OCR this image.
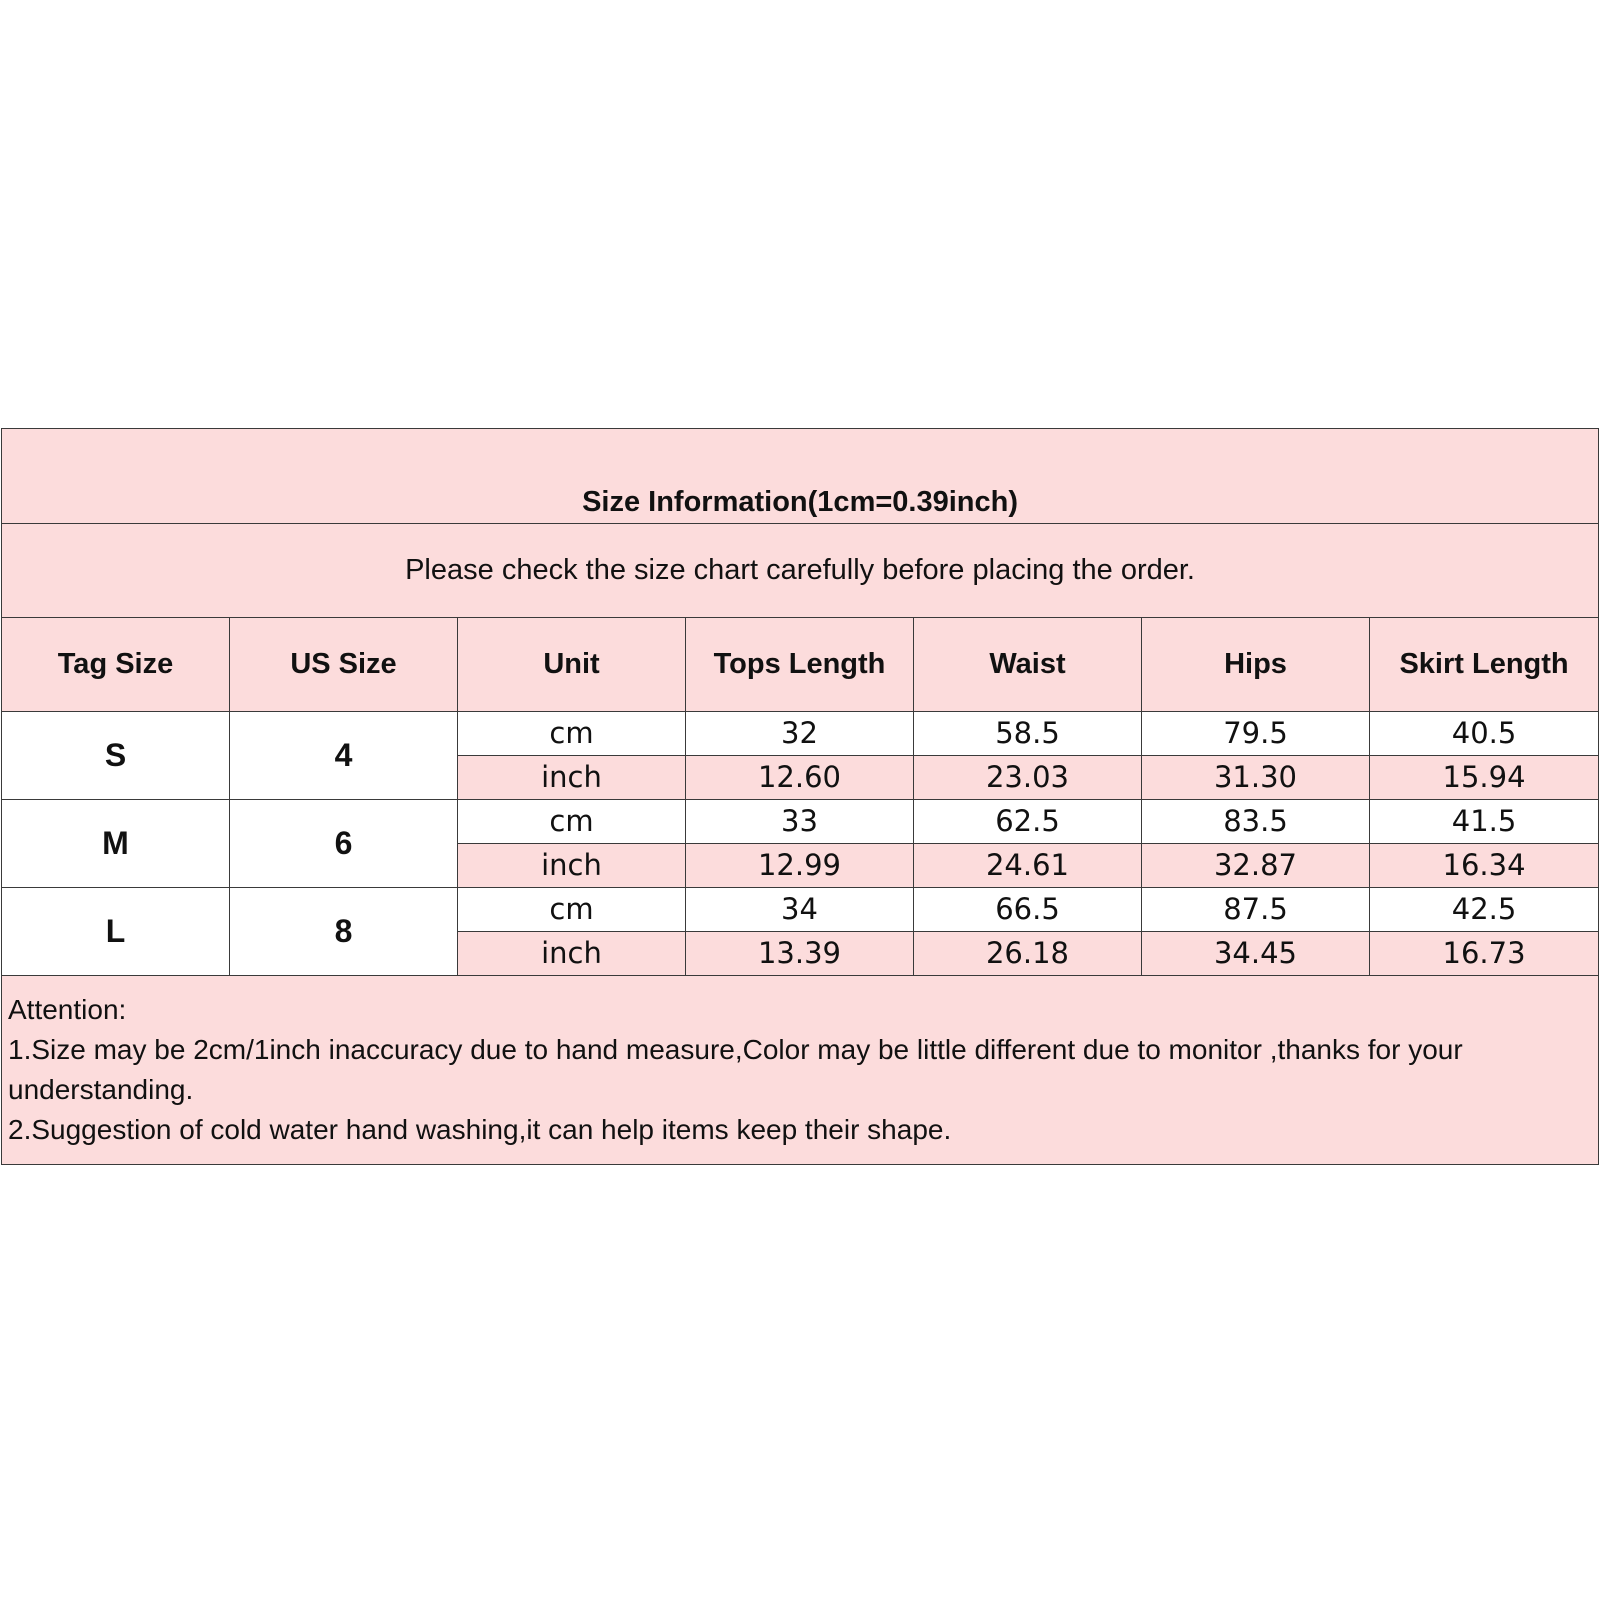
Size Information(1cm=0.39inch)						
Please check the size chart carefully before placing the order.						
Tag Size	US Size	Unit	Tops Length	Waist	Hips	Skirt Length
S	4	cm	32	58.5	79.5	40.5
		inch	12.60	23.03	31.30	15.94
M	6	cm	33	62.5	83.5	41.5
		inch	12.99	24.61	32.87	16.34
L	8	cm	34	66.5	87.5	42.5
		inch	13.39	26.18	34.45	16.73

Attention:
1.Size may be 2cm/1inch inaccuracy due to hand measure,Color may be little different due to monitor ,thanks for your understanding.
2.Suggestion of cold water hand washing,it can help items keep their shape.						
